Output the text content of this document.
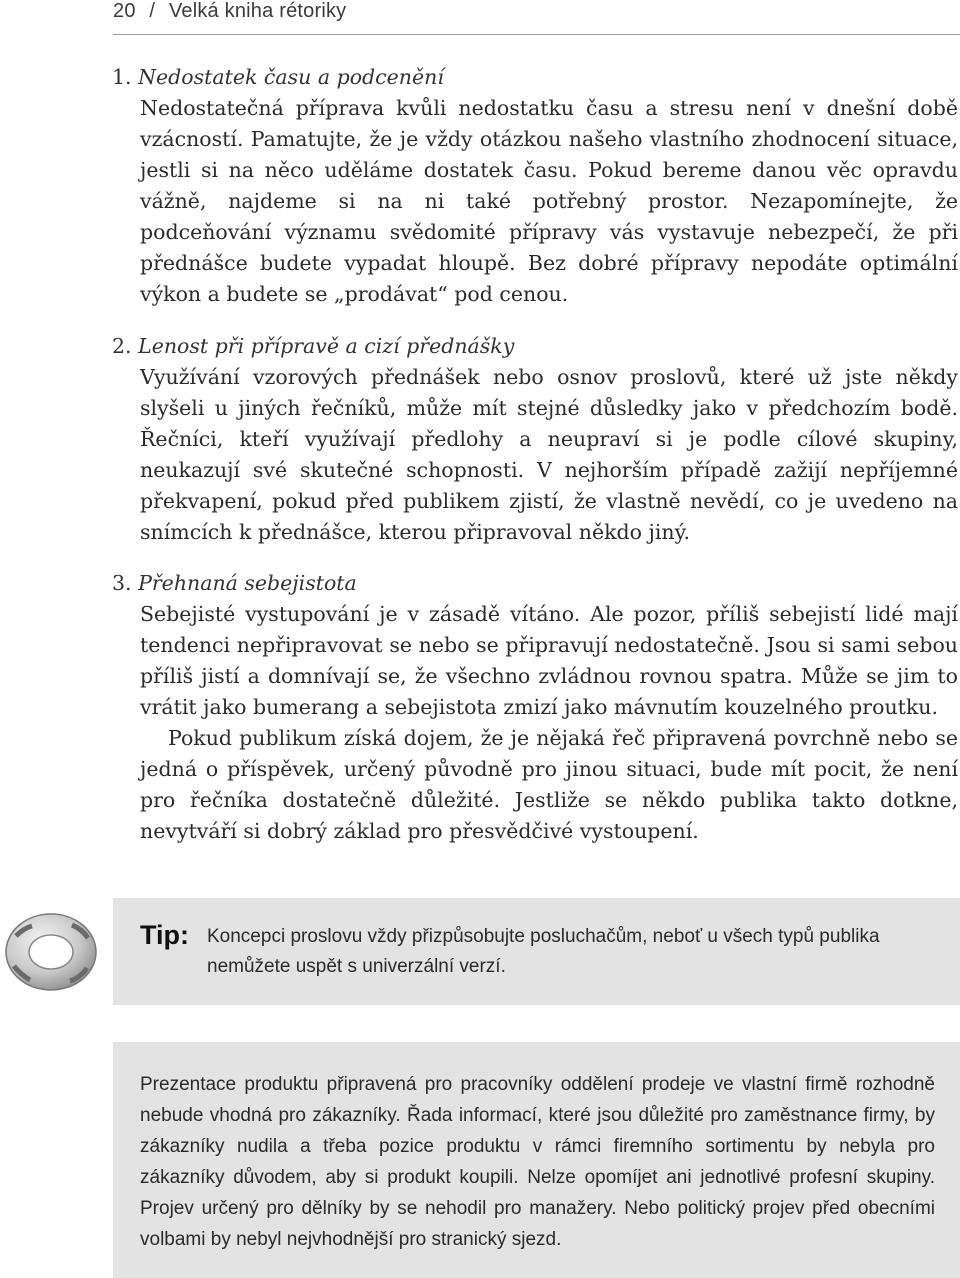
20 / Velká kniha rétoriky
1. Nedostatek času a podcenění
Nedostatečná příprava kvůli nedostatku času a stresu není v dnešní době vzácností. Pamatujte, že je vždy otázkou našeho vlastního zhodnocení situace, jestli si na něco uděláme dostatek času. Pokud bereme danou věc opravdu vážně, najdeme si na ni také potřebný prostor. Nezapomínejte, že podceňování významu svědomité přípravy vás vystavuje nebezpečí, že při přednášce budete vypadat hloupě. Bez dobré přípravy nepodáte optimální výkon a budete se „prodávat“ pod cenou.
2. Lenost při přípravě a cizí přednášky
Využívání vzorových přednášek nebo osnov proslovů, které už jste někdy slyšeli u jiných řečníků, může mít stejné důsledky jako v předchozím bodě. Řečníci, kteří využívají předlohy a neupraví si je podle cílové skupiny, neukazují své skutečné schopnosti. V nejhorším případě zažijí nepříjemné překvapení, pokud před publikem zjistí, že vlastně nevědí, co je uvedeno na snímcích k přednášce, kterou připravoval někdo jiný.
3. Přehnaná sebejistota
Sebejisté vystupování je v zásadě vítáno. Ale pozor, příliš sebejistí lidé mají tendenci nepřipravovat se nebo se připravují nedostatečně. Jsou si sami sebou příliš jistí a domnívají se, že všechno zvládnou rovnou spatra. Může se jim to vrátit jako bumerang a sebejistota zmizí jako mávnutím kouzelného proutku.
Pokud publikum získá dojem, že je nějaká řeč připravená povrchně nebo se jedná o příspěvek, určený původně pro jinou situaci, bude mít pocit, že není pro řečníka dostatečně důležité. Jestliže se někdo publika takto dotkne, nevytváří si dobrý základ pro přesvědčivé vystoupení.
Tip: Koncepci proslovu vždy přizpůsobujte posluchačům, neboť u všech typů publika nemůžete uspět s univerzální verzí.
Prezentace produktu připravená pro pracovníky oddělení prodeje ve vlastní firmě rozhodně nebude vhodná pro zákazníky. Řada informací, které jsou důležité pro zaměstnance firmy, by zákazníky nudila a třeba pozice produktu v rámci firemního sortimentu by nebyla pro zákazníky důvodem, aby si produkt koupili. Nelze opomíjet ani jednotlivé profesní skupiny. Projev určený pro dělníky by se nehodil pro manažery. Nebo politický projev před obecními volbami by nebyl nejvhodnější pro stranický sjezd.
